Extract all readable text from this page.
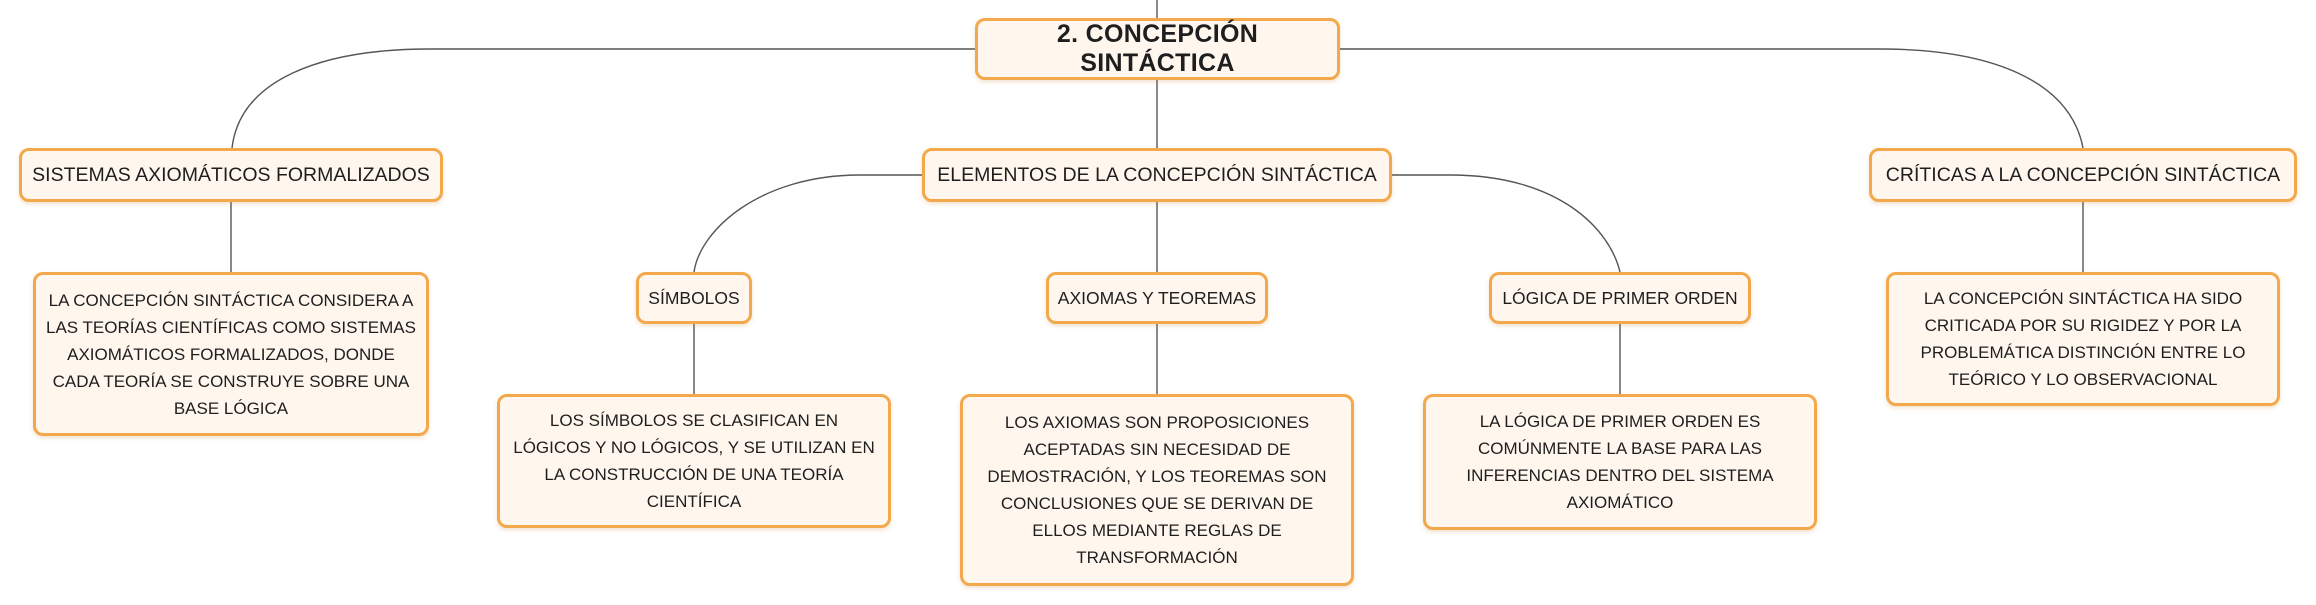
2. CONCEPCIÓN SINTÁCTICA
SISTEMAS AXIOMÁTICOS FORMALIZADOS	ELEMENTOS DE LA CONCEPCIÓN SINTÁCTICA	CRÍTICAS A LA CONCEPCIÓN SINTÁCTICA
SÍMBOLOS	AXIOMAS Y TEOREMAS	LÓGICA DE PRIMER ORDEN
LA CONCEPCIÓN SINTÁCTICA CONSIDERA A LAS TEORÍAS CIENTÍFICAS COMO SISTEMAS AXIOMÁTICOS FORMALIZADOS, DONDE CADA TEORÍA SE CONSTRUYE SOBRE UNA BASE LÓGICA
LOS SÍMBOLOS SE CLASIFICAN EN LÓGICOS Y NO LÓGICOS, Y SE UTILIZAN EN LA CONSTRUCCIÓN DE UNA TEORÍA CIENTÍFICA
LOS AXIOMAS SON PROPOSICIONES ACEPTADAS SIN NECESIDAD DE DEMOSTRACIÓN, Y LOS TEOREMAS SON CONCLUSIONES QUE SE DERIVAN DE ELLOS MEDIANTE REGLAS DE TRANSFORMACIÓN
LA LÓGICA DE PRIMER ORDEN ES COMÚNMENTE LA BASE PARA LAS INFERENCIAS DENTRO DEL SISTEMA AXIOMÁTICO
LA CONCEPCIÓN SINTÁCTICA HA SIDO CRITICADA POR SU RIGIDEZ Y POR LA PROBLEMÁTICA DISTINCIÓN ENTRE LO TEÓRICO Y LO OBSERVACIONAL
